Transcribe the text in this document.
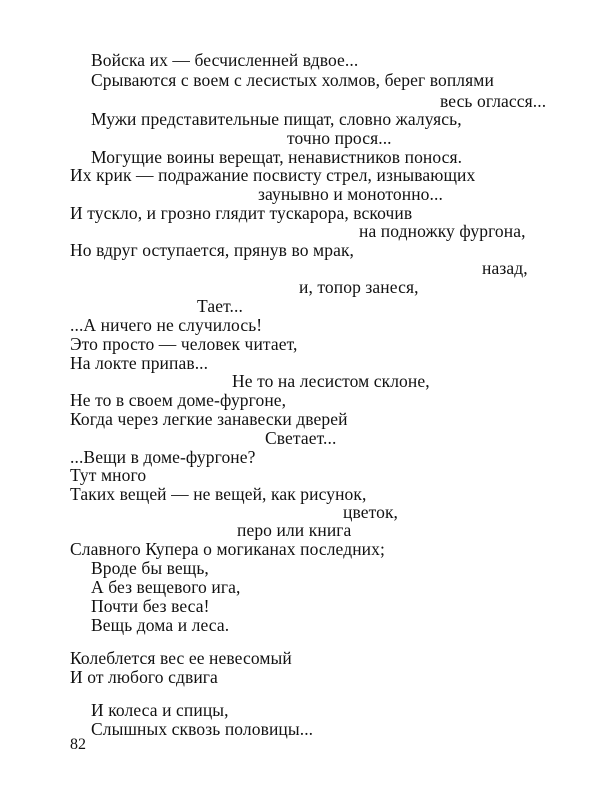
Войска их — бесчисленней вдвое...
Срываются с воем с лесистых холмов, берег воплями
весь огласся...
Мужи представительные пищат, словно жалуясь,
точно прося...
Могущие воины верещат, ненавистников понося.
Их крик — подражание посвисту стрел, изнывающих
заунывно и монотонно...
И тускло, и грозно глядит тускарора, вскочив
на подножку фургона,
Но вдруг оступается, прянув во мрак,
назад,
и, топор занеся,
Тает...
...А ничего не случилось!
Это просто — человек читает,
На локте припав...
Не то на лесистом склоне,
Не то в своем доме-фургоне,
Когда через легкие занавески дверей
Светает...
...Вещи в доме-фургоне?
Тут много
Таких вещей — не вещей, как рисунок,
цветок,
перо или книга
Славного Купера о могиканах последних;
Вроде бы вещь,
А без вещевого ига,
Почти без веса!
Вещь дома и леса.
Колеблется вес ее невесомый
И от любого сдвига
И колеса и спицы,
Слышных сквозь половицы...
82
